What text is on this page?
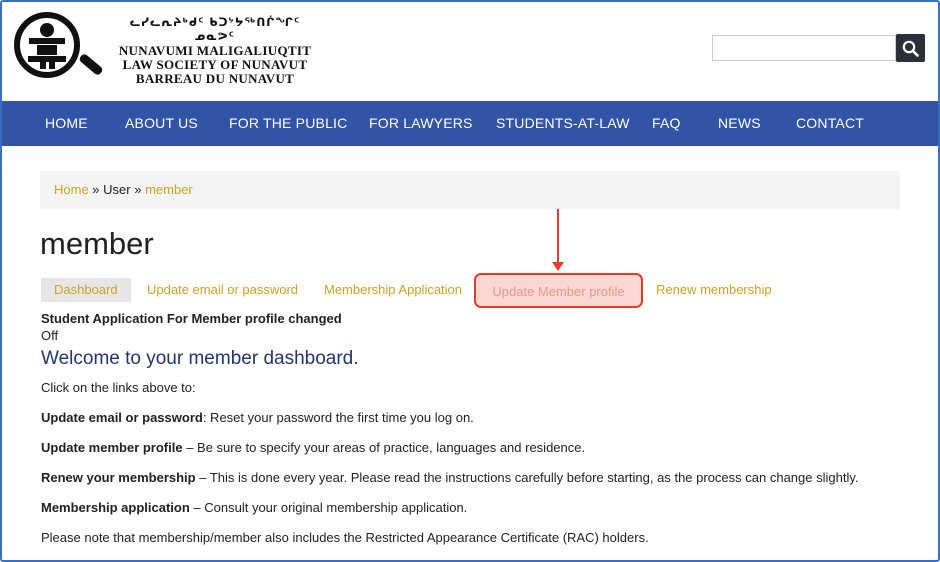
ᓚᓯᓚᕆᔨᒃᑯᑦ ᑲᑐᔾᔭᖅᑎᒌᖏᑦ ᓄᓇᕗᑦ
NUNAVUMI MALIGALIUQTIT
LAW SOCIETY OF NUNAVUT
BARREAU DU NUNAVUT
HOME	ABOUT US FOR THE PUBLIC FOR LAWYERS STUDENTS-AT-LAW FAQ	NEWS	CONTACT
Home » User » member
member
Dashboard	Update email or password Membership Application	Update Member profile	Renew membership
Student Application For Member profile changed
Off
Welcome to your member dashboard.
Click on the links above to:
Update email or password: Reset your password the first time you log on.
Update member profile – Be sure to specify your areas of practice, languages and residence.
Renew your membership – This is done every year. Please read the instructions carefully before starting, as the process can change slightly.
Membership application – Consult your original membership application.
Please note that membership/member also includes the Restricted Appearance Certificate (RAC) holders.
